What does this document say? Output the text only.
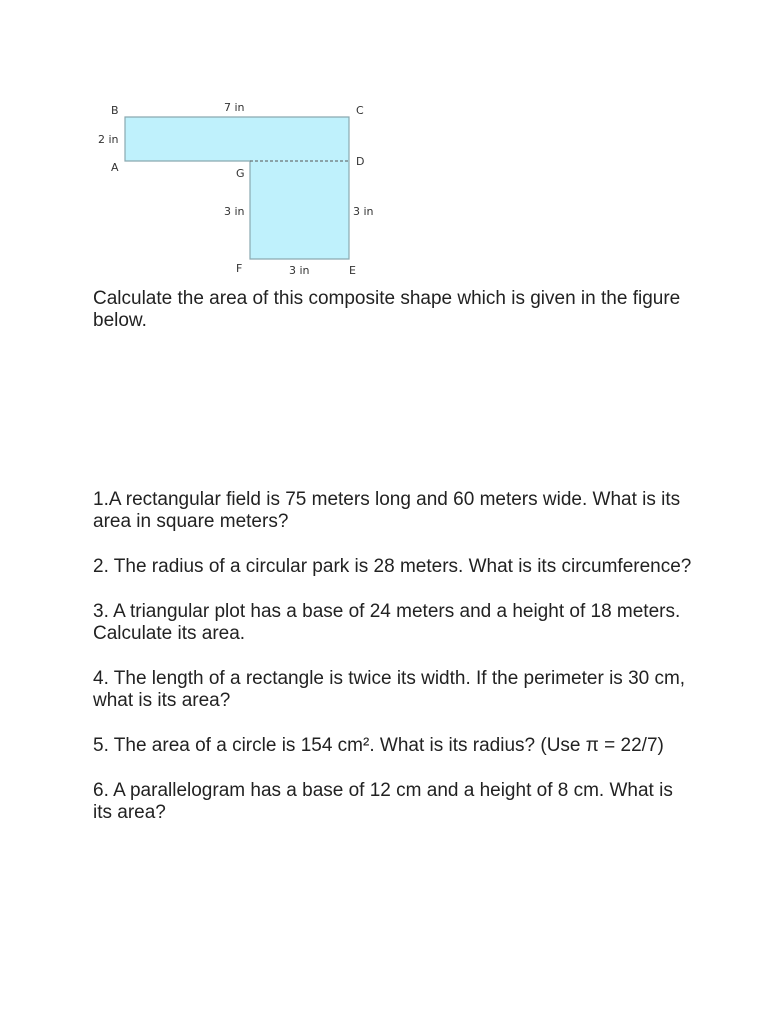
B	C
A	D
G
F	E
7 in
2 in
3 in	3 in
3 in

Calculate the area of this composite shape which is given in the figure below.

1.A rectangular field is 75 meters long and 60 meters wide. What is its area in square meters?
2. The radius of a circular park is 28 meters. What is its circumference?
3. A triangular plot has a base of 24 meters and a height of 18 meters. Calculate its area.
4. The length of a rectangle is twice its width. If the perimeter is 30 cm, what is its area?
5. The area of a circle is 154 cm². What is its radius? (Use π = 22/7)
6. A parallelogram has a base of 12 cm and a height of 8 cm. What is its area?
